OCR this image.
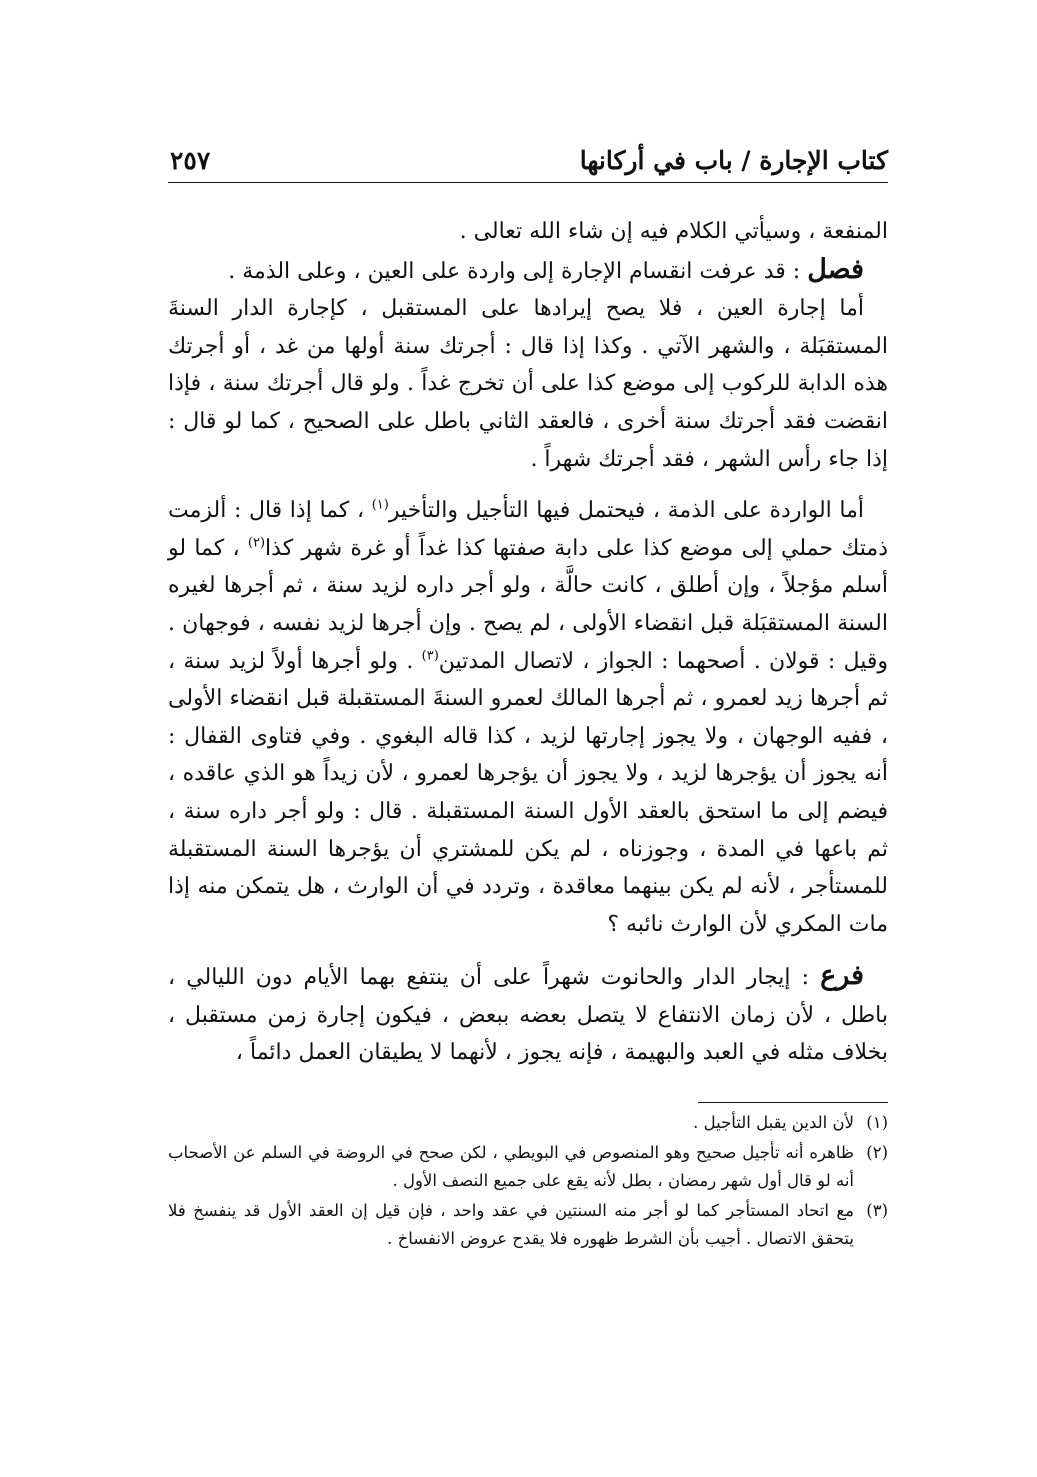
كتاب الإجارة / باب في أركانها
٢٥٧

المنفعة ، وسيأتي الكلام فيه إن شاء الله تعالى .

فصل : قد عرفت انقسام الإجارة إلى واردة على العين ، وعلى الذمة .

أما إجارة العين ، فلا يصح إيرادها على المستقبل ، كإجارة الدار السنةَ المستقبَلة ، والشهر الآتي . وكذا إذا قال : أجرتك سنة أولها من غد ، أو أجرتك هذه الدابة للركوب إلى موضع كذا على أن تخرج غداً . ولو قال أجرتك سنة ، فإذا انقضت فقد أجرتك سنة أخرى ، فالعقد الثاني باطل على الصحيح ، كما لو قال : إذا جاء رأس الشهر ، فقد أجرتك شهراً .

أما الواردة على الذمة ، فيحتمل فيها التأجيل والتأخير$^{(١)}$ ، كما إذا قال : ألزمت ذمتك حملي إلى موضع كذا على دابة صفتها كذا غداً أو غرة شهر كذا$^{(٢)}$ ، كما لو أسلم مؤجلاً ، وإن أطلق ، كانت حالَّة ، ولو أجر داره لزيد سنة ، ثم أجرها لغيره السنة المستقبَلة قبل انقضاء الأولى ، لم يصح . وإن أجرها لزيد نفسه ، فوجهان . وقيل : قولان . أصحهما : الجواز ، لاتصال المدتين$^{(٣)}$ . ولو أجرها أولاً لزيد سنة ، ثم أجرها زيد لعمرو ، ثم أجرها المالك لعمرو السنةَ المستقبلة قبل انقضاء الأولى ، ففيه الوجهان ، ولا يجوز إجارتها لزيد ، كذا قاله البغوي . وفي فتاوى القفال : أنه يجوز أن يؤجرها لزيد ، ولا يجوز أن يؤجرها لعمرو ، لأن زيداً هو الذي عاقده ، فيضم إلى ما استحق بالعقد الأول السنة المستقبلة . قال : ولو أجر داره سنة ، ثم باعها في المدة ، وجوزناه ، لم يكن للمشتري أن يؤجرها السنة المستقبلة للمستأجر ، لأنه لم يكن بينهما معاقدة ، وتردد في أن الوارث ، هل يتمكن منه إذا مات المكري لأن الوارث نائبه ؟

فرع : إيجار الدار والحانوت شهراً على أن ينتفع بهما الأيام دون الليالي ، باطل ، لأن زمان الانتفاع لا يتصل بعضه ببعض ، فيكون إجارة زمن مستقبل ، بخلاف مثله في العبد والبهيمة ، فإنه يجوز ، لأنهما لا يطيقان العمل دائماً ،

(١)
لأن الدين يقبل التأجيل .
(٢)
ظاهره أنه تأجيل صحيح وهو المنصوص في البويطي ، لكن صحح في الروضة في السلم عن الأصحاب أنه لو قال أول شهر رمضان ، بطل لأنه يقع على جميع النصف الأول .
(٣)
مع اتحاد المستأجر كما لو أجر منه السنتين في عقد واحد ، فإن قيل إن العقد الأول قد ينفسخ فلا يتحقق الاتصال . أجيب بأن الشرط ظهوره فلا يقدح عروض الانفساخ .
